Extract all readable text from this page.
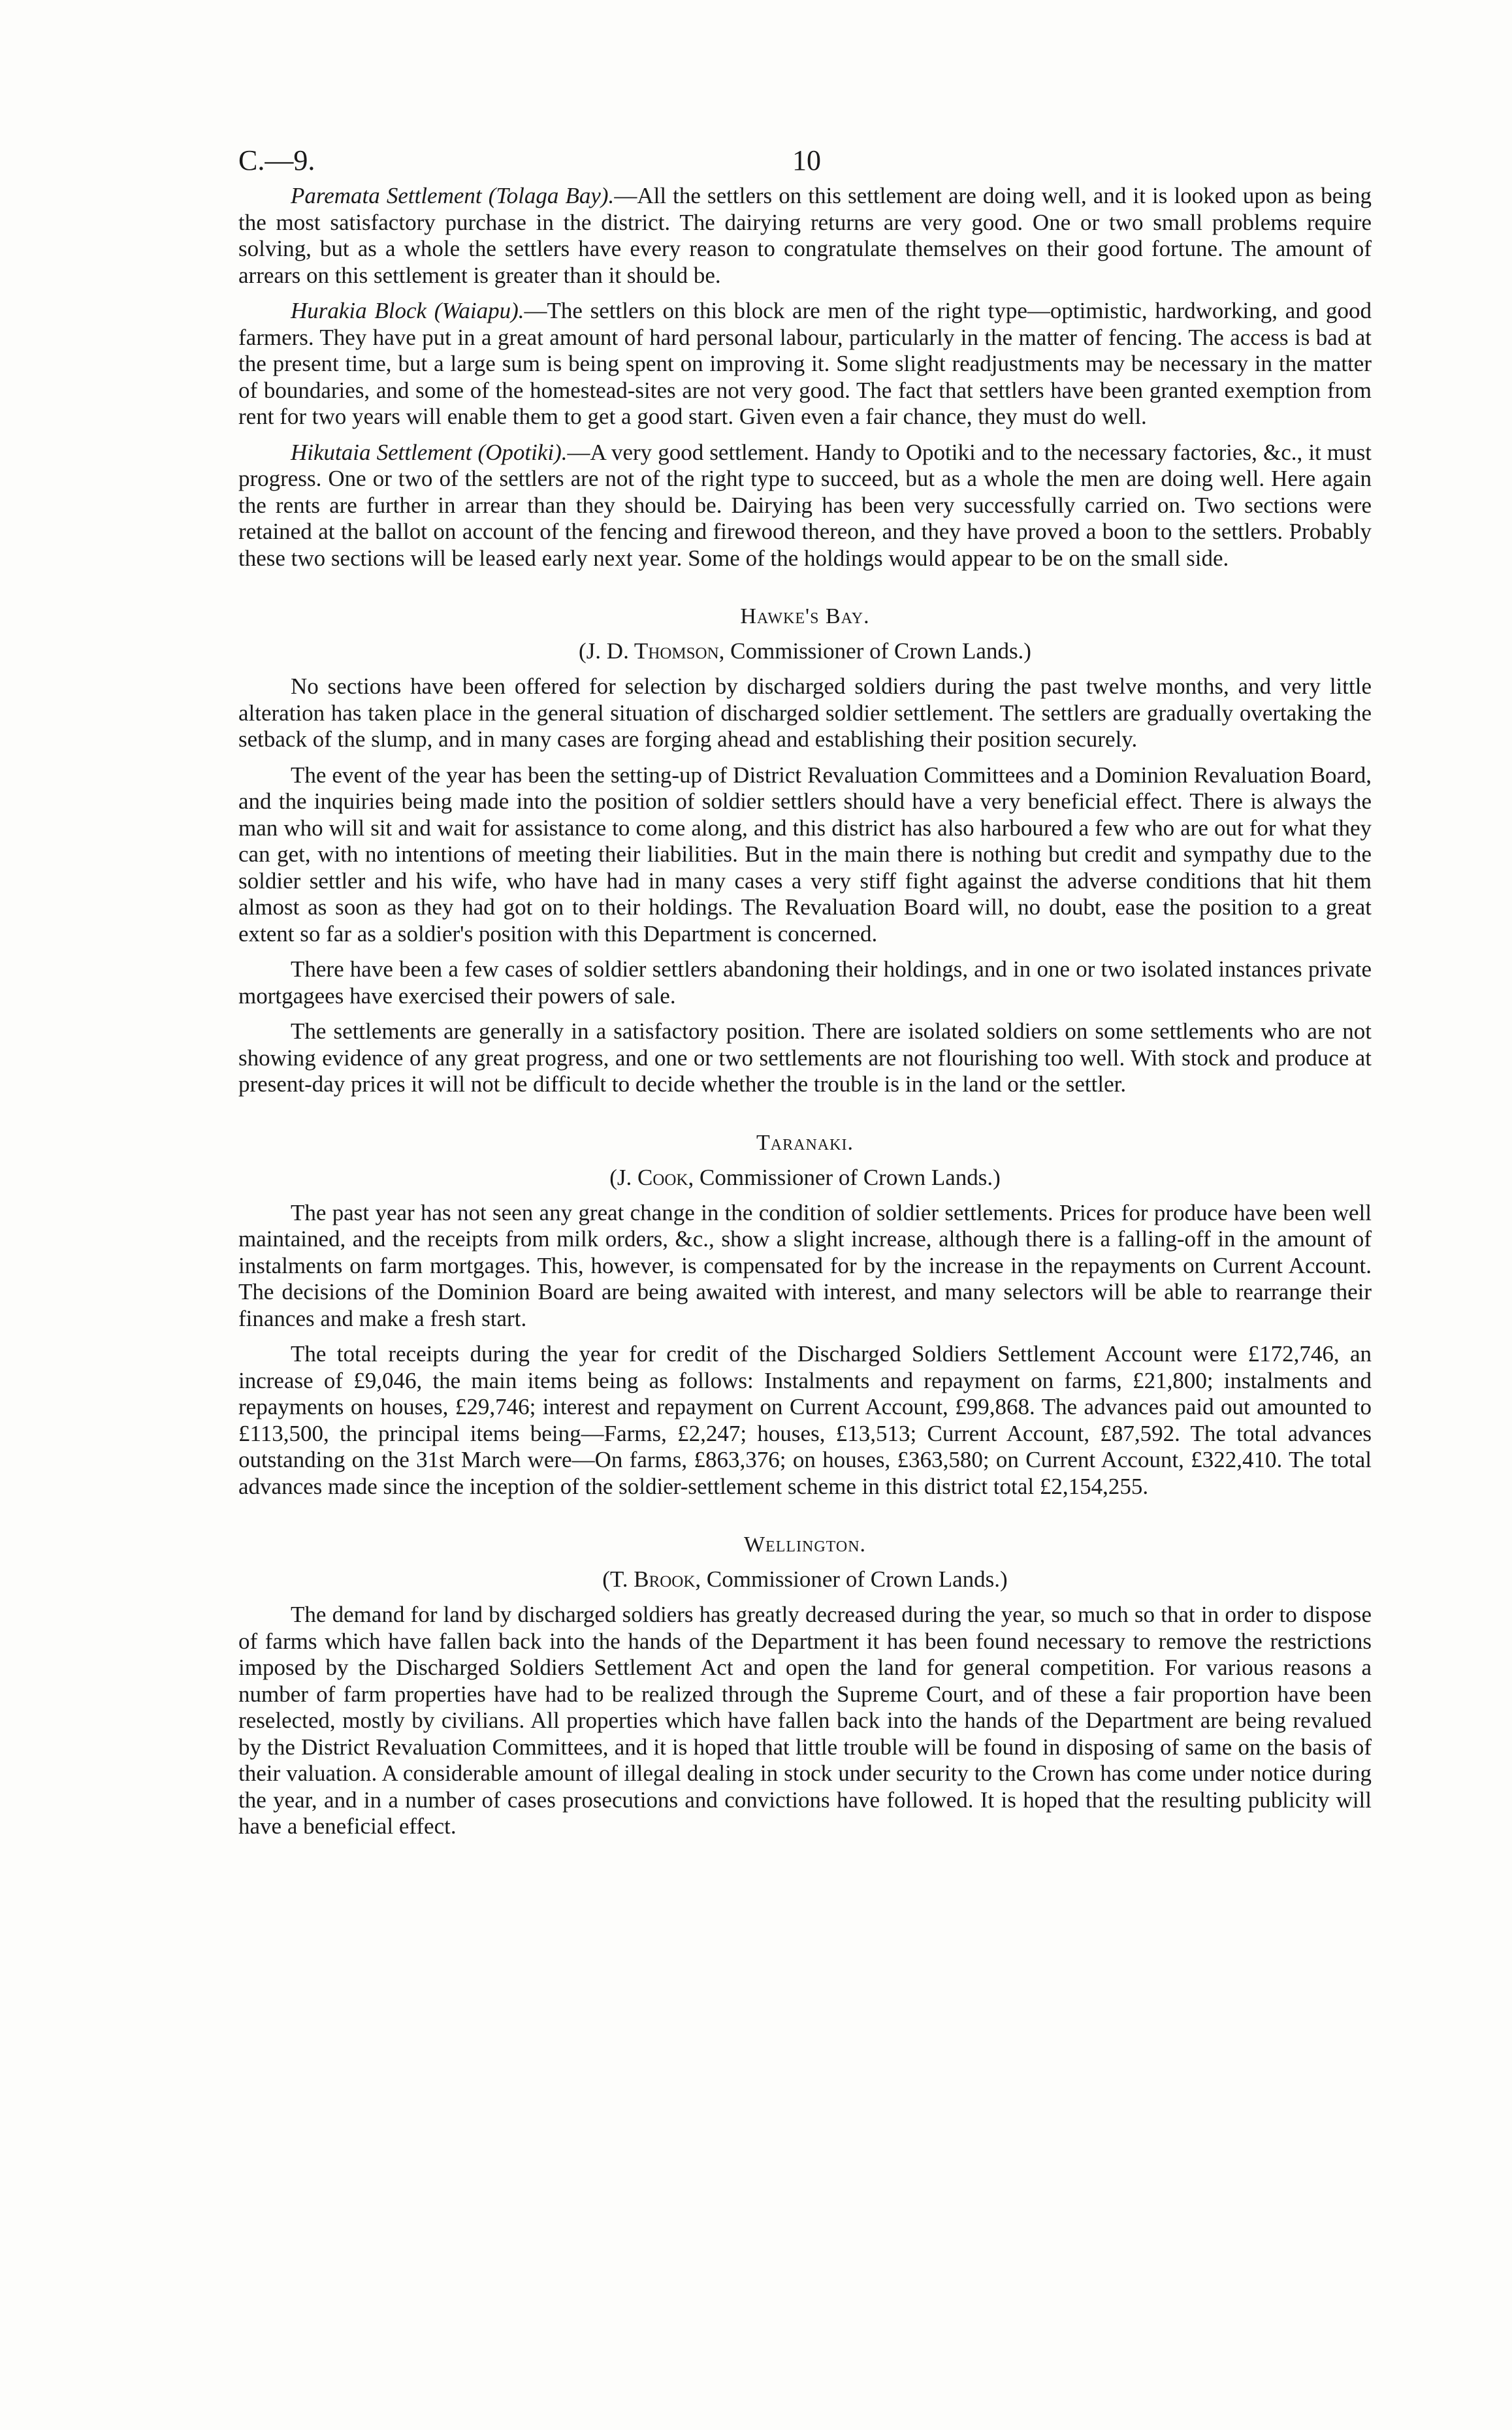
C.—9.	10

Paremata Settlement (Tolaga Bay).—All the settlers on this settlement are doing well, and it is looked upon as being the most satisfactory purchase in the district. The dairying returns are very good. One or two small problems require solving, but as a whole the settlers have every reason to congratulate themselves on their good fortune. The amount of arrears on this settlement is greater than it should be.

Hurakia Block (Waiapu).—The settlers on this block are men of the right type—optimistic, hardworking, and good farmers. They have put in a great amount of hard personal labour, particularly in the matter of fencing. The access is bad at the present time, but a large sum is being spent on improving it. Some slight readjustments may be necessary in the matter of boundaries, and some of the homestead-sites are not very good. The fact that settlers have been granted exemption from rent for two years will enable them to get a good start. Given even a fair chance, they must do well.

Hikutaia Settlement (Opotiki).—A very good settlement. Handy to Opotiki and to the necessary factories, &c., it must progress. One or two of the settlers are not of the right type to succeed, but as a whole the men are doing well. Here again the rents are further in arrear than they should be. Dairying has been very successfully carried on. Two sections were retained at the ballot on account of the fencing and firewood thereon, and they have proved a boon to the settlers. Probably these two sections will be leased early next year. Some of the holdings would appear to be on the small side.

Hawke's Bay.
(J. D. Thomson, Commissioner of Crown Lands.)

No sections have been offered for selection by discharged soldiers during the past twelve months, and very little alteration has taken place in the general situation of discharged soldier settlement. The settlers are gradually overtaking the setback of the slump, and in many cases are forging ahead and establishing their position securely.

The event of the year has been the setting-up of District Revaluation Committees and a Dominion Revaluation Board, and the inquiries being made into the position of soldier settlers should have a very beneficial effect. There is always the man who will sit and wait for assistance to come along, and this district has also harboured a few who are out for what they can get, with no intentions of meeting their liabilities. But in the main there is nothing but credit and sympathy due to the soldier settler and his wife, who have had in many cases a very stiff fight against the adverse conditions that hit them almost as soon as they had got on to their holdings. The Revaluation Board will, no doubt, ease the position to a great extent so far as a soldier's position with this Department is concerned.

There have been a few cases of soldier settlers abandoning their holdings, and in one or two isolated instances private mortgagees have exercised their powers of sale.

The settlements are generally in a satisfactory position. There are isolated soldiers on some settlements who are not showing evidence of any great progress, and one or two settlements are not flourishing too well. With stock and produce at present-day prices it will not be difficult to decide whether the trouble is in the land or the settler.

Taranaki.
(J. Cook, Commissioner of Crown Lands.)

The past year has not seen any great change in the condition of soldier settlements. Prices for produce have been well maintained, and the receipts from milk orders, &c., show a slight increase, although there is a falling-off in the amount of instalments on farm mortgages. This, however, is compensated for by the increase in the repayments on Current Account. The decisions of the Dominion Board are being awaited with interest, and many selectors will be able to rearrange their finances and make a fresh start.

The total receipts during the year for credit of the Discharged Soldiers Settlement Account were £172,746, an increase of £9,046, the main items being as follows: Instalments and repayment on farms, £21,800; instalments and repayments on houses, £29,746; interest and repayment on Current Account, £99,868. The advances paid out amounted to £113,500, the principal items being—Farms, £2,247; houses, £13,513; Current Account, £87,592. The total advances outstanding on the 31st March were—On farms, £863,376; on houses, £363,580; on Current Account, £322,410. The total advances made since the inception of the soldier-settlement scheme in this district total £2,154,255.

Wellington.
(T. Brook, Commissioner of Crown Lands.)

The demand for land by discharged soldiers has greatly decreased during the year, so much so that in order to dispose of farms which have fallen back into the hands of the Department it has been found necessary to remove the restrictions imposed by the Discharged Soldiers Settlement Act and open the land for general competition. For various reasons a number of farm properties have had to be realized through the Supreme Court, and of these a fair proportion have been reselected, mostly by civilians. All properties which have fallen back into the hands of the Department are being revalued by the District Revaluation Committees, and it is hoped that little trouble will be found in disposing of same on the basis of their valuation. A considerable amount of illegal dealing in stock under security to the Crown has come under notice during the year, and in a number of cases prosecutions and convictions have followed. It is hoped that the resulting publicity will have a beneficial effect.
